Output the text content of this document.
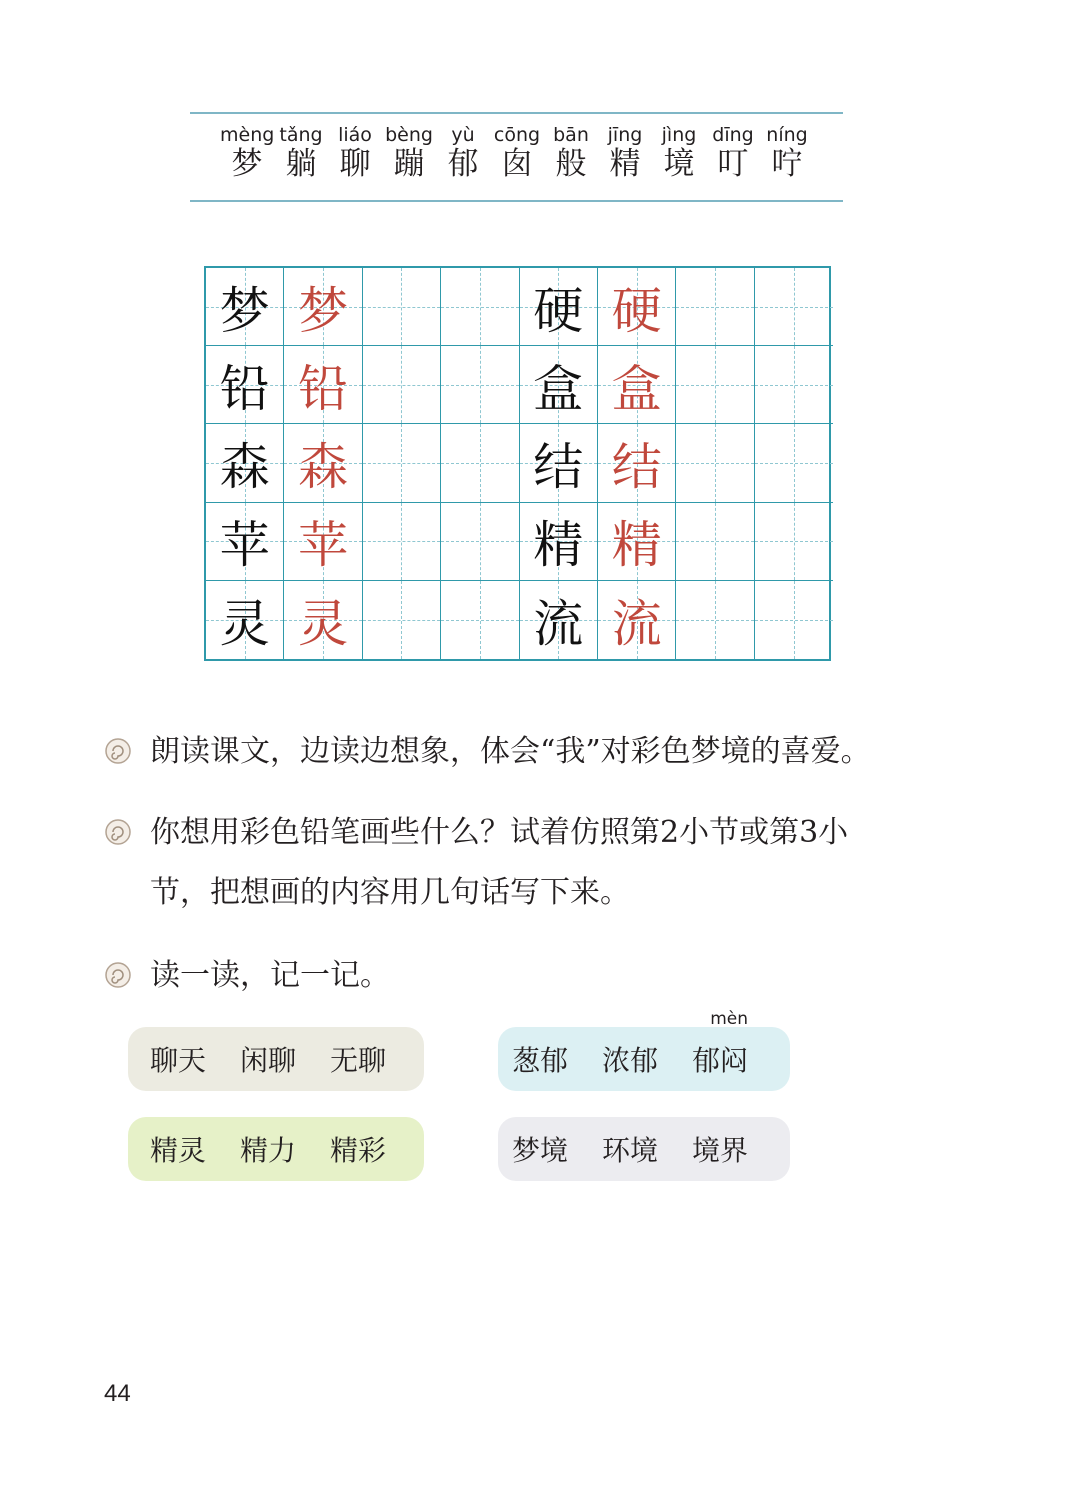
mèng
梦
tǎng
躺
liáo
聊
bèng
蹦
yù
郁
cōng
囱
bān
般
jīng
精
jìng
境
dīng
叮
níng
咛
梦 梦	硬 硬
铅 铅	盒 盒
森 森	结 结
苹 苹	精 精
灵 灵	流 流
朗读课文，边读边想象，体会“我”对彩色梦境的喜爱。
你想用彩色铅笔画些什么？试着仿照第2小节或第3小
节，把想画的内容用几句话写下来。
读一读，记一记。
聊天 闲聊 无聊	葱郁 浓郁
mèn
郁闷
精灵 精力 精彩	梦境 环境 境界
44
